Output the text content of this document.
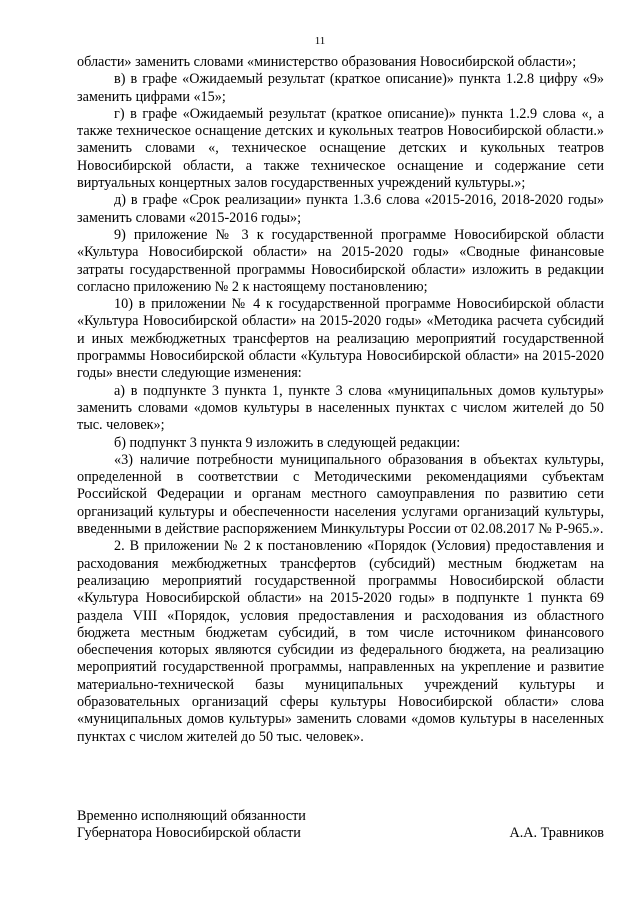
11

области» заменить словами «министерство образования Новосибирской области»;

в) в графе «Ожидаемый результат (краткое описание)» пункта 1.2.8 цифру «9» заменить цифрами «15»;

г) в графе «Ожидаемый результат (краткое описание)» пункта 1.2.9 слова «, а также техническое оснащение детских и кукольных театров Новосибирской области.» заменить словами «, техническое оснащение детских и кукольных театров Новосибирской области, а также техническое оснащение и содержание сети виртуальных концертных залов государственных учреждений культуры.»;

д) в графе «Срок реализации» пункта 1.3.6 слова «2015-2016, 2018-2020 годы» заменить словами «2015-2016 годы»;

9) приложение № 3 к государственной программе Новосибирской области «Культура Новосибирской области» на 2015-2020 годы» «Сводные финансовые затраты государственной программы Новосибирской области» изложить в редакции согласно приложению № 2 к настоящему постановлению;

10) в приложении № 4 к государственной программе Новосибирской области «Культура Новосибирской области» на 2015-2020 годы» «Методика расчета субсидий и иных межбюджетных трансфертов на реализацию мероприятий государственной программы Новосибирской области «Культура Новосибирской области» на 2015-2020 годы» внести следующие изменения:

а) в подпункте 3 пункта 1, пункте 3 слова «муниципальных домов культуры» заменить словами «домов культуры в населенных пунктах с числом жителей до 50 тыс. человек»;

б) подпункт 3 пункта 9 изложить в следующей редакции:

«3) наличие потребности муниципального образования в объектах культуры, определенной в соответствии с Методическими рекомендациями субъектам Российской Федерации и органам местного самоуправления по развитию сети организаций культуры и обеспеченности населения услугами организаций культуры, введенными в действие распоряжением Минкультуры России от 02.08.2017 № Р-965.».

2. В приложении № 2 к постановлению «Порядок (Условия) предоставления и расходования межбюджетных трансфертов (субсидий) местным бюджетам на реализацию мероприятий государственной программы Новосибирской области «Культура Новосибирской области» на 2015-2020 годы» в подпункте 1 пункта 69 раздела VIII «Порядок, условия предоставления и расходования из областного бюджета местным бюджетам субсидий, в том числе источником финансового обеспечения которых являются субсидии из федерального бюджета, на реализацию мероприятий государственной программы, направленных на укрепление и развитие материально-технической базы муниципальных учреждений культуры и образовательных организаций сферы культуры Новосибирской области» слова «муниципальных домов культуры» заменить словами «домов культуры в населенных пунктах с числом жителей до 50 тыс. человек».

Временно исполняющий обязанности
Губернатора Новосибирской области	А.А. Травников
